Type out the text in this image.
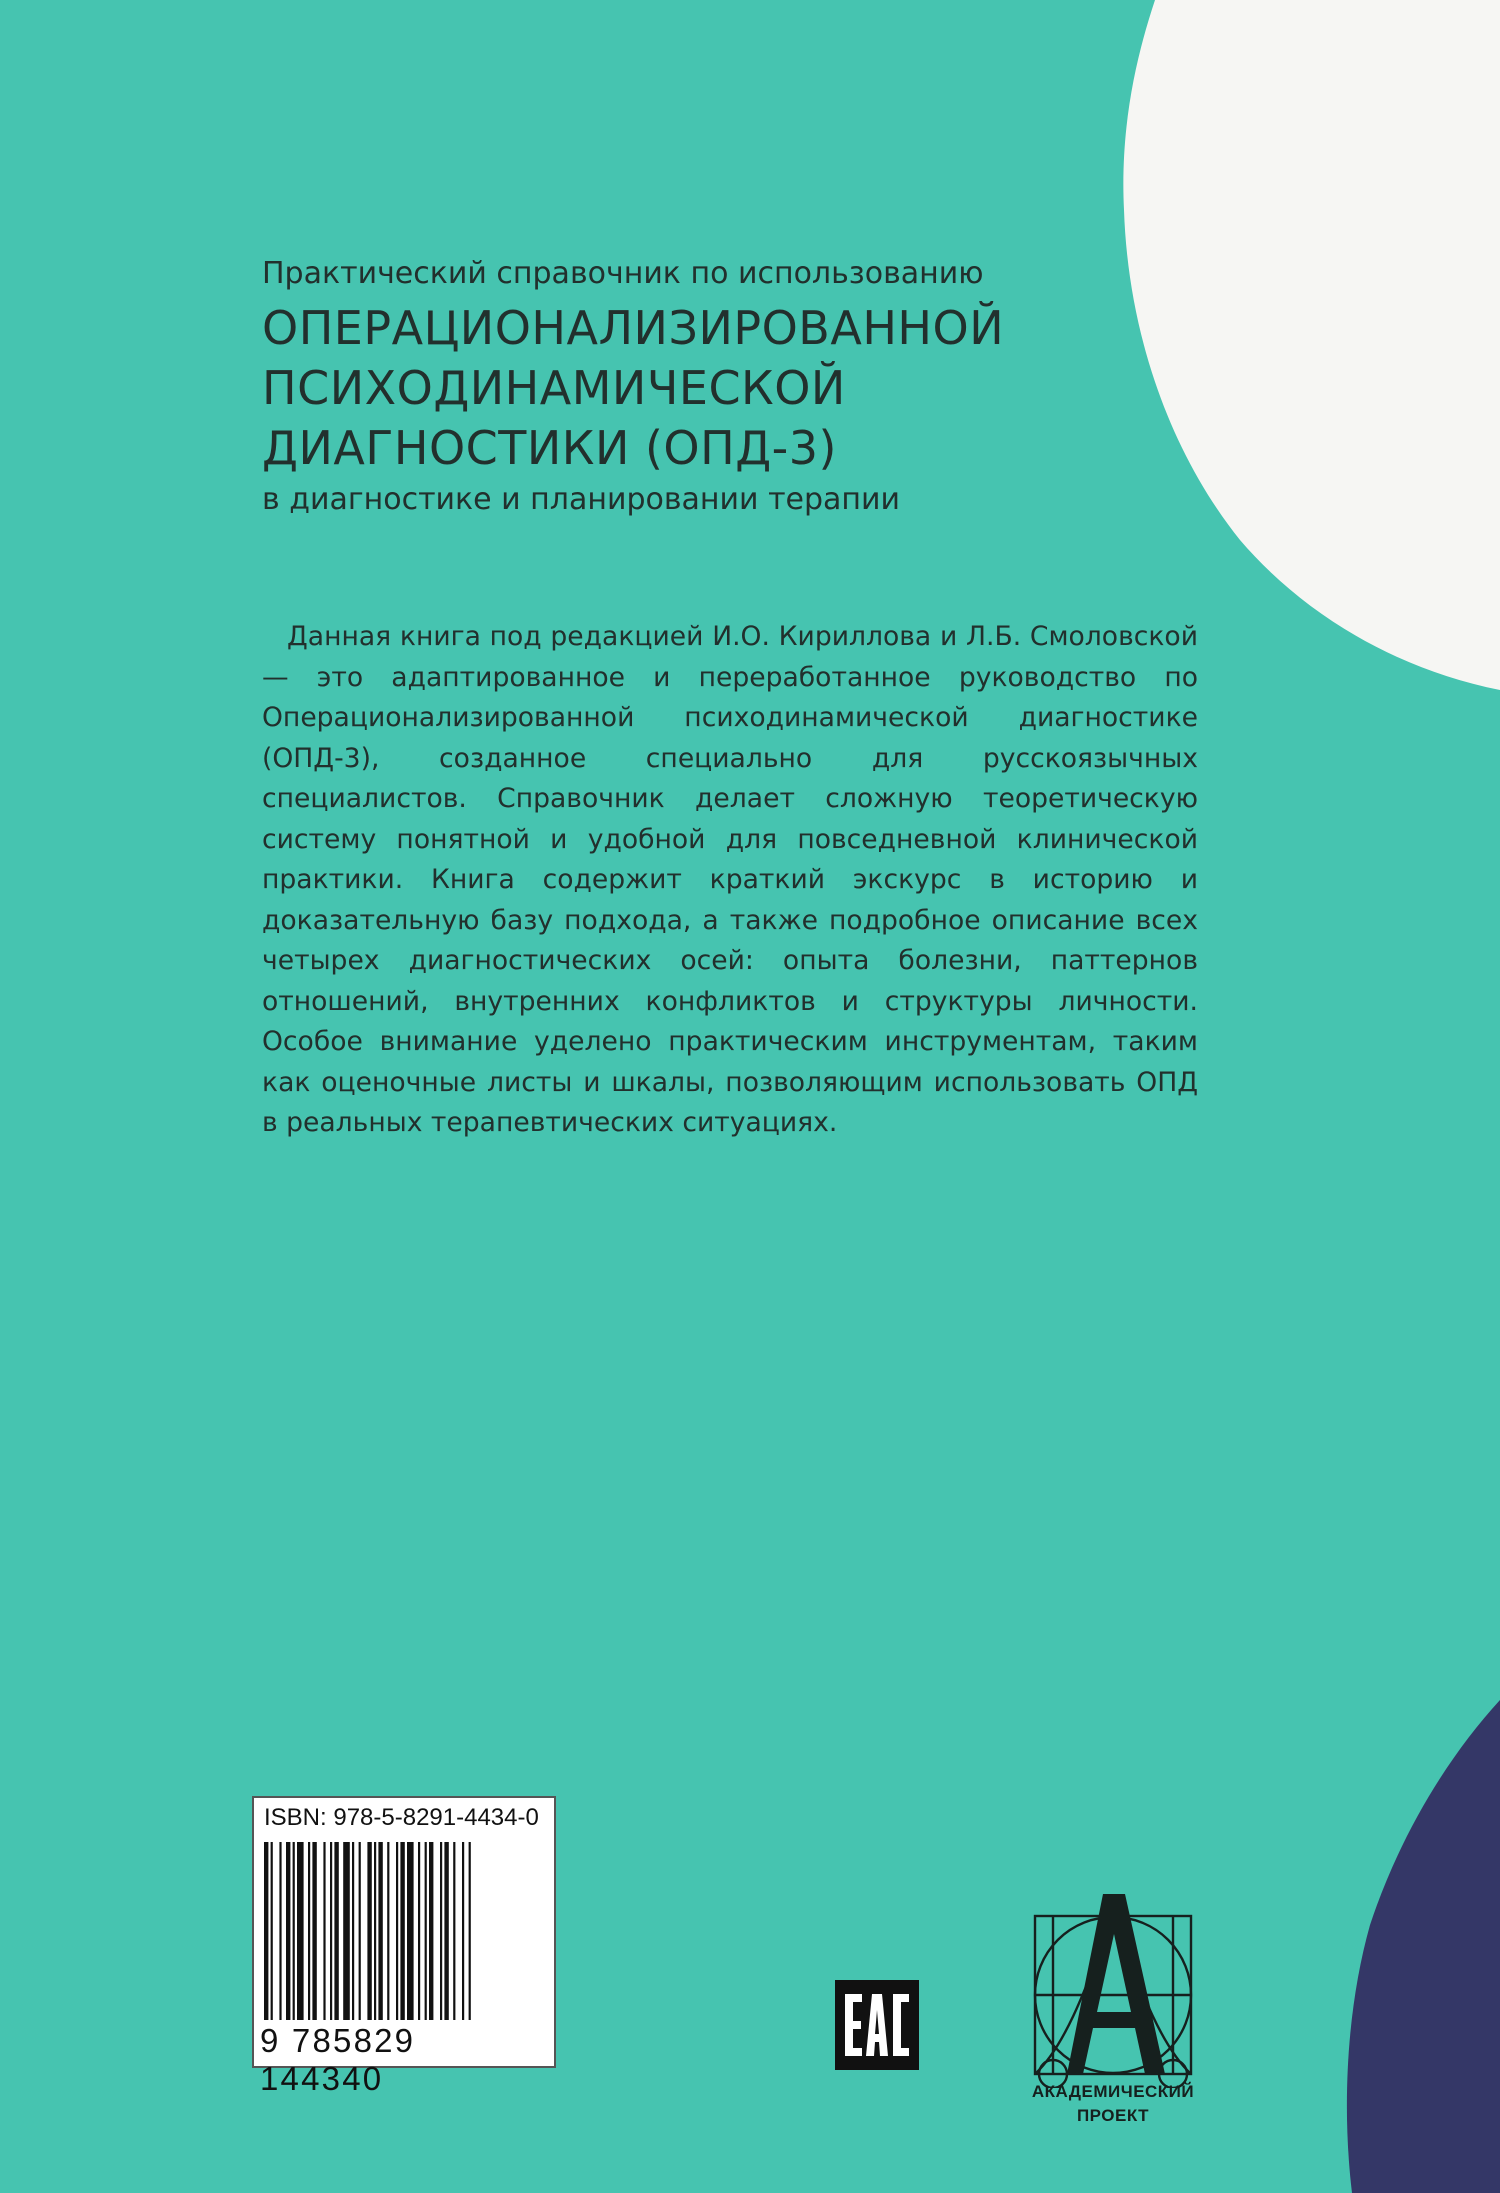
Практический справочник по использованию

ОПЕРАЦИОНАЛИЗИРОВАННОЙ
ПСИХОДИНАМИЧЕСКОЙ
ДИАГНОСТИКИ (ОПД-3)

в диагностике и планировании терапии

Данная книга под редакцией И.О. Кириллова и Л.Б. Смоловской — это адаптированное и переработанное руководство по Операционализированной психодинамической диагностике (ОПД-3), созданное специально для русскоязычных специалистов. Справочник делает сложную теоретическую систему понятной и удобной для повседневной клинической практики. Книга содержит краткий экскурс в историю и доказательную базу подхода, а также подробное описание всех четырех диагностических осей: опыта болезни, паттернов отношений, внутренних конфликтов и структуры личности. Особое внимание уделено практическим инструментам, таким как оценочные листы и шкалы, позволяющим использовать ОПД в реальных терапевтических ситуациях.

ISBN: 978-5-8291-4434-0
9 785829 144340	АКАДЕМИЧЕСКИЙ
ПРОЕКТ
